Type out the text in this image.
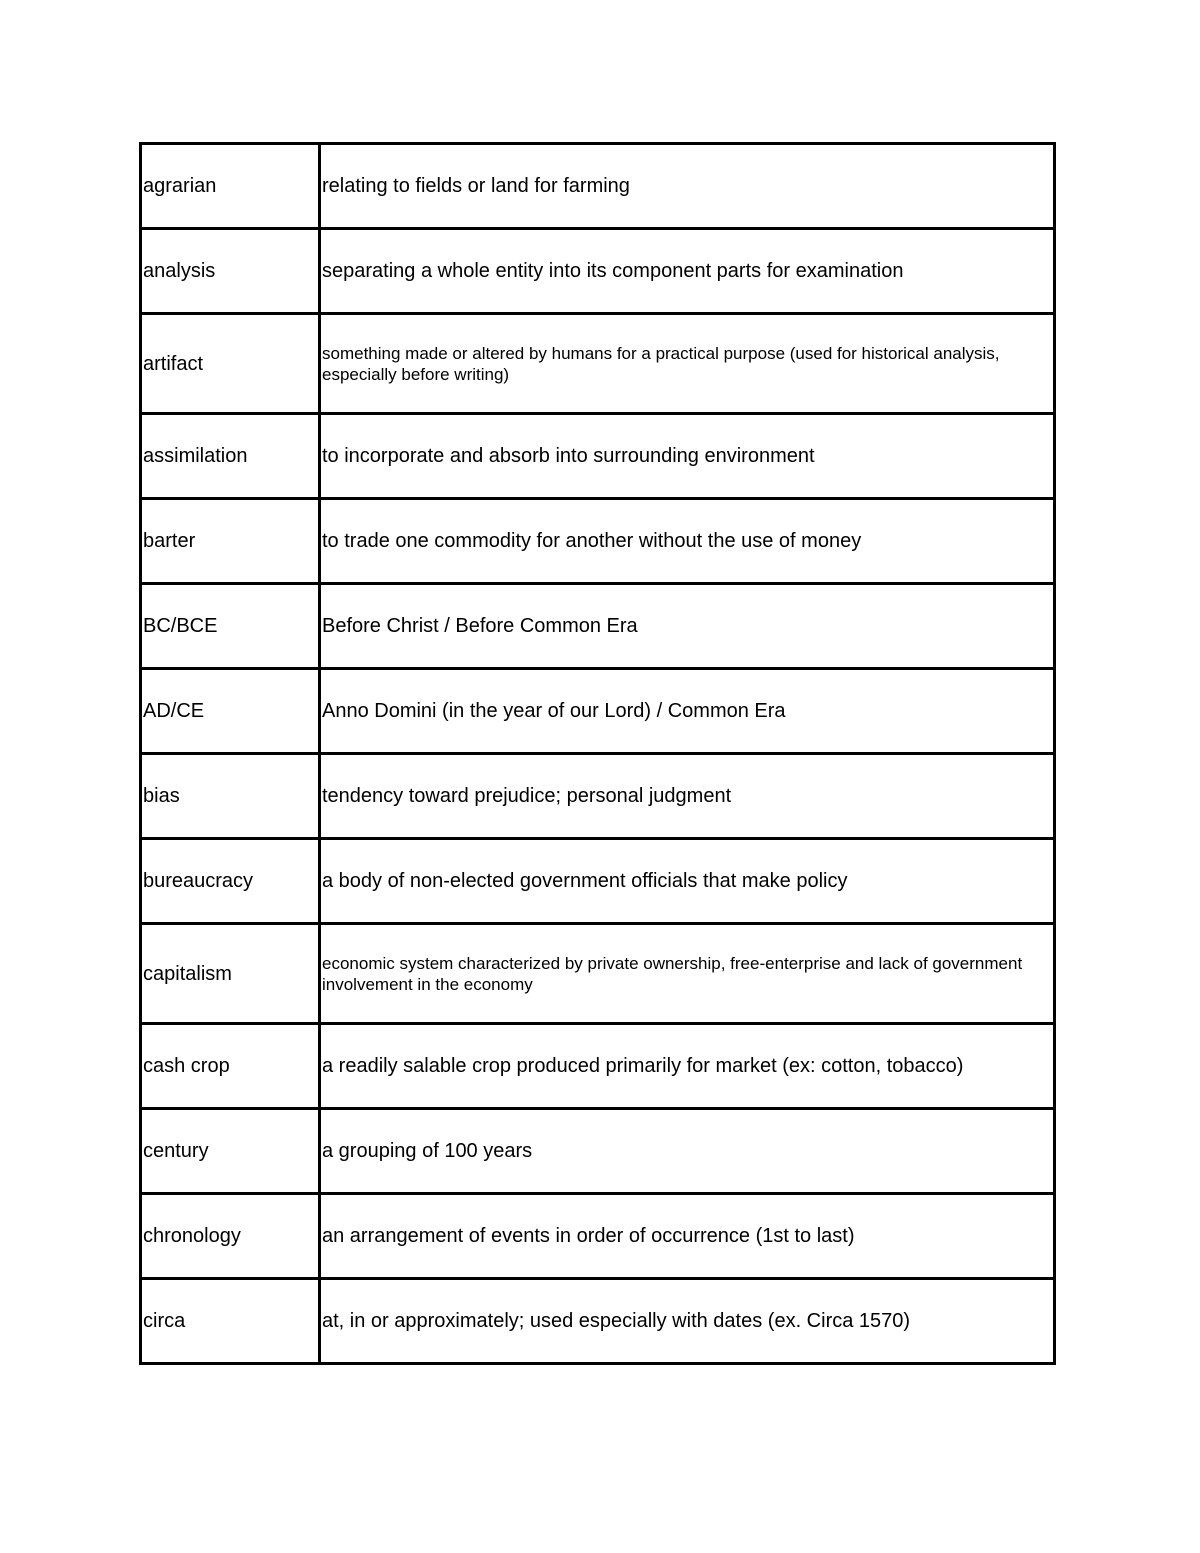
agrarian	relating to fields or land for farming
analysis	separating a whole entity into its component parts for examination
artifact	something made or altered by humans for a practical purpose (used for historical analysis, especially before writing)
assimilation	to incorporate and absorb into surrounding environment
barter	to trade one commodity for another without the use of money
BC/BCE	Before Christ / Before Common Era
AD/CE	Anno Domini (in the year of our Lord) / Common Era
bias	tendency toward prejudice; personal judgment
bureaucracy	a body of non-elected government officials that make policy
capitalism	economic system characterized by private ownership, free-enterprise and lack of government involvement in the economy
cash crop	a readily salable crop produced primarily for market (ex: cotton, tobacco)
century	a grouping of 100 years
chronology	an arrangement of events in order of occurrence (1st to last)
circa	at, in or approximately; used especially with dates (ex. Circa 1570)
